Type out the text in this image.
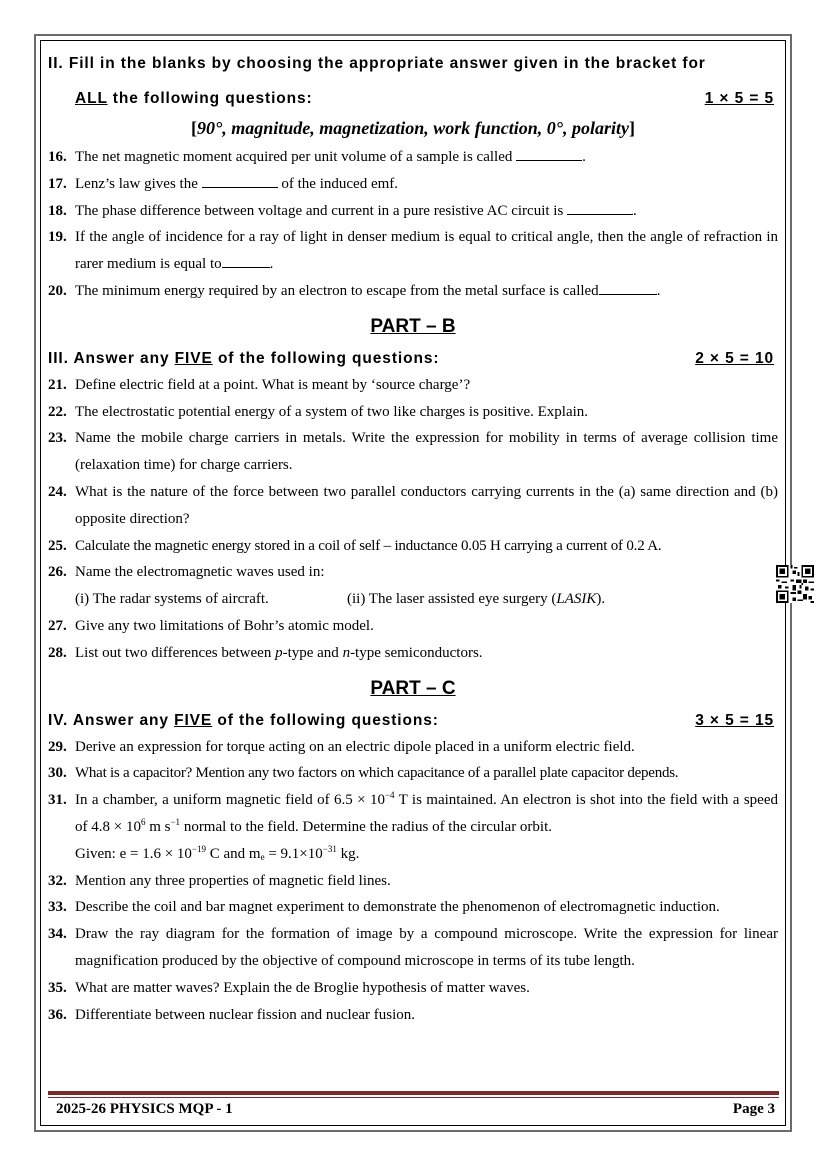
II. Fill in the blanks by choosing the appropriate answer given in the bracket for
ALL the following questions:	1 × 5 = 5
[90°, magnitude, magnetization, work function, 0°, polarity]
16. The net magnetic moment acquired per unit volume of a sample is called	.
17. Lenz’s law gives the	of the induced emf.
18. The phase difference between voltage and current in a pure resistive AC circuit is	.
19. If the angle of incidence for a ray of light in denser medium is equal to critical angle, then the angle of refraction in rarer medium is equal to	.
20. The minimum energy required by an electron to escape from the metal surface is called	.
PART – B
III. Answer any FIVE of the following questions:	2 × 5 = 10
21. Define electric field at a point. What is meant by ‘source charge’?
22. The electrostatic potential energy of a system of two like charges is positive. Explain.
23. Name the mobile charge carriers in metals. Write the expression for mobility in terms of average collision time (relaxation time) for charge carriers.
24. What is the nature of the force between two parallel conductors carrying currents in the (a) same direction and (b) opposite direction?
25. Calculate the magnetic energy stored in a coil of self – inductance 0.05 H carrying a current of 0.2 A.
26. Name the electromagnetic waves used in:
(i) The radar systems of aircraft.	(ii) The laser assisted eye surgery (LASIK).
27. Give any two limitations of Bohr’s atomic model.
28. List out two differences between p-type and n-type semiconductors.
PART – C
IV. Answer any FIVE of the following questions:	3 × 5 = 15
29. Derive an expression for torque acting on an electric dipole placed in a uniform electric field.
30. What is a capacitor? Mention any two factors on which capacitance of a parallel plate capacitor depends.
31. In a chamber, a uniform magnetic field of $6.5 \times 10^{-4}$ T is maintained. An electron is shot into the field with a speed of $4.8 \times 10^6$ m $s^{-1}$ normal to the field. Determine the radius of the circular orbit.
Given: $e = 1.6 \times 10^{-19}$ C and $m_e = 9.1\times 10^{-31}$ kg.
32. Mention any three properties of magnetic field lines.
33. Describe the coil and bar magnet experiment to demonstrate the phenomenon of electromagnetic induction.
34. Draw the ray diagram for the formation of image by a compound microscope. Write the expression for linear magnification produced by the objective of compound microscope in terms of its tube length.
35. What are matter waves? Explain the de Broglie hypothesis of matter waves.
36. Differentiate between nuclear fission and nuclear fusion.
2025-26 PHYSICS MQP - 1	Page 3
